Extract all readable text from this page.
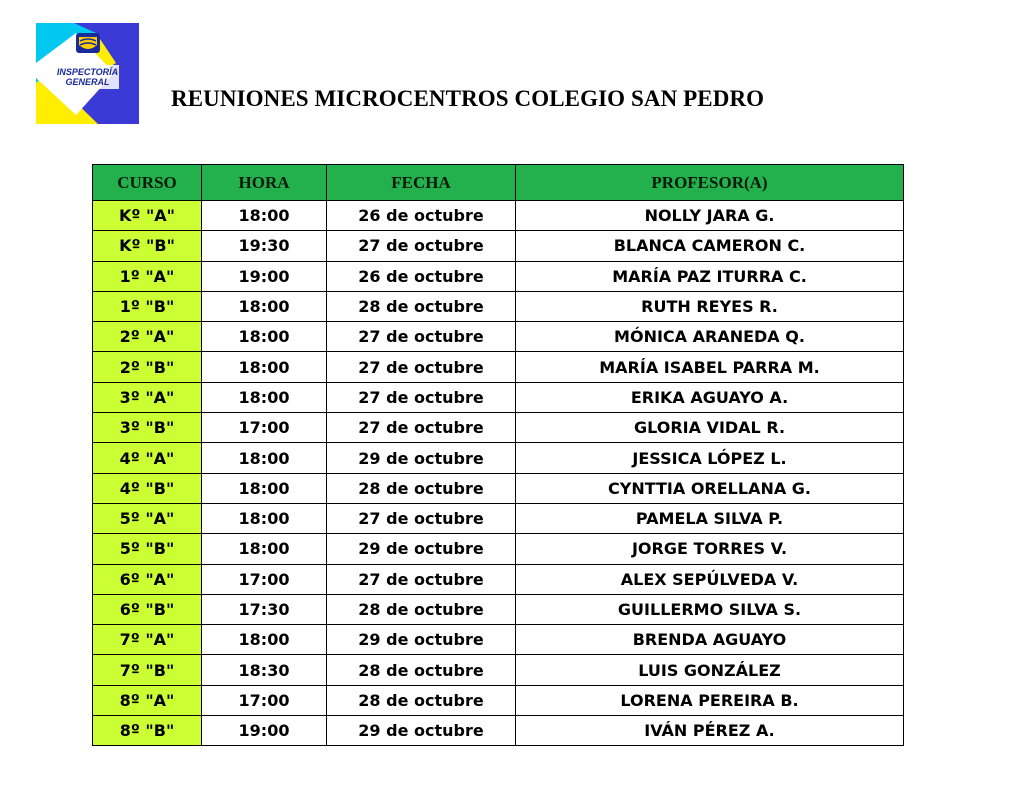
INSPECTORÍA
GENERAL
REUNIONES MICROCENTROS COLEGIO SAN PEDRO
CURSO	HORA	FECHA	PROFESOR(A)
Kº "A"	18:00	26 de octubre	NOLLY JARA G.
Kº "B"	19:30	27 de octubre	BLANCA CAMERON C.
1º "A"	19:00	26 de octubre	MARÍA PAZ ITURRA C.
1º "B"	18:00	28 de octubre	RUTH REYES R.
2º "A"	18:00	27 de octubre	MÓNICA ARANEDA Q.
2º "B"	18:00	27 de octubre	MARÍA ISABEL PARRA M.
3º "A"	18:00	27 de octubre	ERIKA AGUAYO A.
3º "B"	17:00	27 de octubre	GLORIA VIDAL R.
4º "A"	18:00	29 de octubre	JESSICA LÓPEZ L.
4º "B"	18:00	28 de octubre	CYNTTIA ORELLANA G.
5º "A"	18:00	27 de octubre	PAMELA SILVA P.
5º "B"	18:00	29 de octubre	JORGE TORRES V.
6º "A"	17:00	27 de octubre	ALEX SEPÚLVEDA V.
6º "B"	17:30	28 de octubre	GUILLERMO SILVA S.
7º "A"	18:00	29 de octubre	BRENDA AGUAYO
7º "B"	18:30	28 de octubre	LUIS GONZÁLEZ
8º "A"	17:00	28 de octubre	LORENA PEREIRA B.
8º "B"	19:00	29 de octubre	IVÁN PÉREZ A.
